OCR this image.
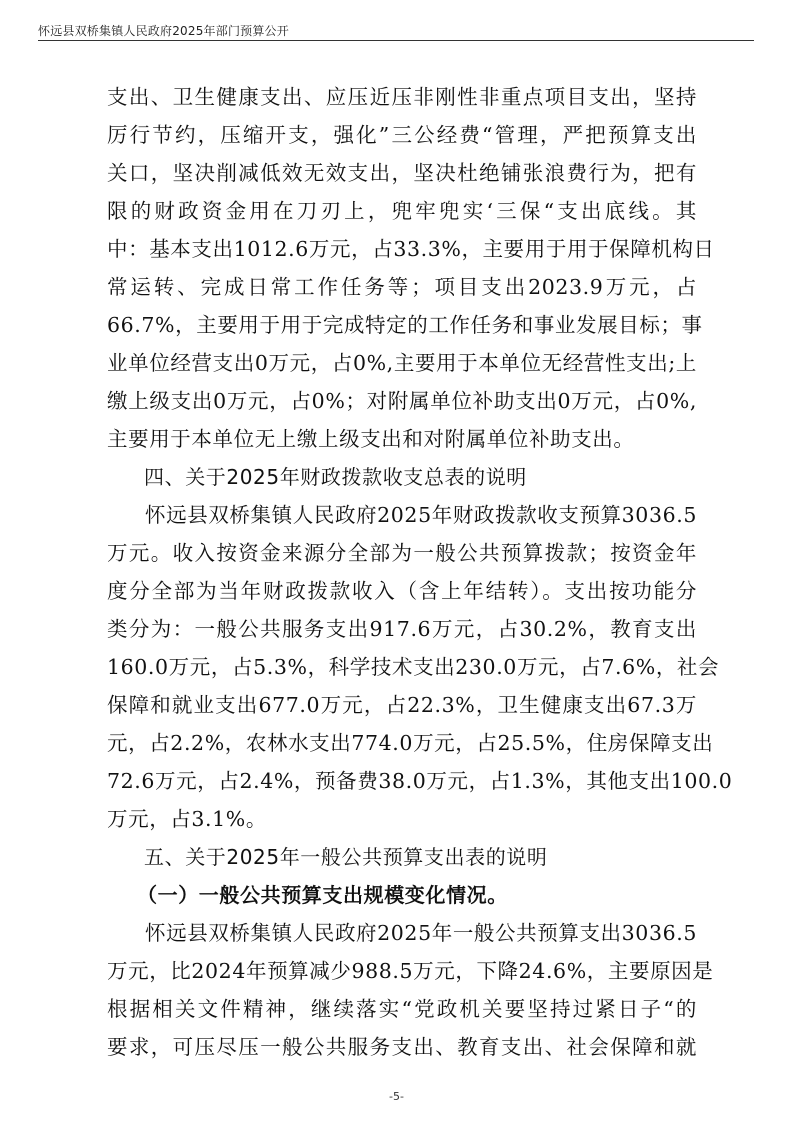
怀远县双桥集镇人民政府2025年部门预算公开
支出、卫生健康支出、应压近压非刚性非重点项目支出，坚持
厉行节约，压缩开支，强化”三公经费“管理，严把预算支出
关口，坚决削减低效无效支出，坚决杜绝铺张浪费行为，把有
限的财政资金用在刀刃上，兜牢兜实‘三保“支出底线。其
中：基本支出1012.6万元，占33.3%，主要用于用于保障机构日
常运转、完成日常工作任务等；项目支出2023.9万元，占
66.7%，主要用于用于完成特定的工作任务和事业发展目标；事
业单位经营支出0万元，占0%,主要用于本单位无经营性支出;上
缴上级支出0万元，占0%；对附属单位补助支出0万元，占0%,
主要用于本单位无上缴上级支出和对附属单位补助支出。
四、关于2025年财政拨款收支总表的说明
怀远县双桥集镇人民政府2025年财政拨款收支预算3036.5
万元。收入按资金来源分全部为一般公共预算拨款；按资金年
度分全部为当年财政拨款收入（含上年结转）。支出按功能分
类分为：一般公共服务支出917.6万元，占30.2%，教育支出
160.0万元，占5.3%，科学技术支出230.0万元，占7.6%，社会
保障和就业支出677.0万元，占22.3%，卫生健康支出67.3万
元，占2.2%，农林水支出774.0万元，占25.5%，住房保障支出
72.6万元，占2.4%，预备费38.0万元，占1.3%，其他支出100.0
万元，占3.1%。
五、关于2025年一般公共预算支出表的说明
（一）一般公共预算支出规模变化情况。
怀远县双桥集镇人民政府2025年一般公共预算支出3036.5
万元，比2024年预算减少988.5万元，下降24.6%，主要原因是
根据相关文件精神，继续落实“党政机关要坚持过紧日子“的
要求，可压尽压一般公共服务支出、教育支出、社会保障和就
-5-
